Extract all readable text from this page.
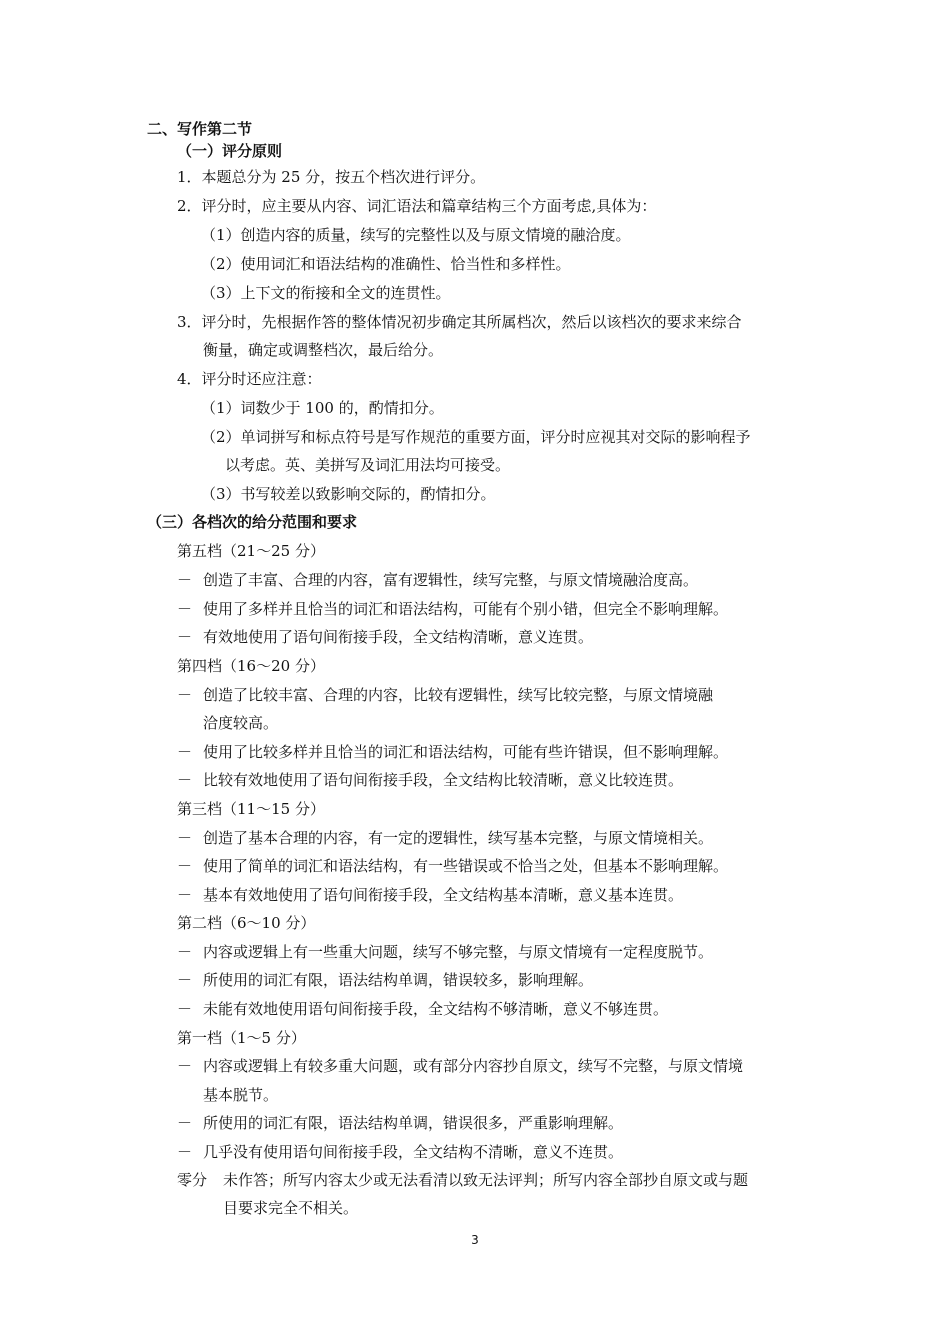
二、写作第二节
（一）评分原则
1．本题总分为 25 分，按五个档次进行评分。
2．评分时，应主要从内容、词汇语法和篇章结构三个方面考虑,具体为：
（1）创造内容的质量，续写的完整性以及与原文情境的融洽度。
（2）使用词汇和语法结构的准确性、恰当性和多样性。
（3）上下文的衔接和全文的连贯性。
3．评分时，先根据作答的整体情况初步确定其所属档次，然后以该档次的要求来综合
衡量，确定或调整档次，最后给分。
4．评分时还应注意：
（1）词数少于 100 的，酌情扣分。
（2）单词拼写和标点符号是写作规范的重要方面，评分时应视其对交际的影响程予
以考虑。英、美拼写及词汇用法均可接受。
（3）书写较差以致影响交际的，酌情扣分。
（三）各档次的给分范围和要求
第五档（21～25 分）
－ 创造了丰富、合理的内容，富有逻辑性，续写完整，与原文情境融洽度高。
－ 使用了多样并且恰当的词汇和语法结构，可能有个别小错，但完全不影响理解。
－ 有效地使用了语句间衔接手段，全文结构清晰，意义连贯。
第四档（16～20 分）
－ 创造了比较丰富、合理的内容，比较有逻辑性，续写比较完整，与原文情境融
洽度较高。
－ 使用了比较多样并且恰当的词汇和语法结构，可能有些许错误，但不影响理解。
－ 比较有效地使用了语句间衔接手段，全文结构比较清晰，意义比较连贯。
第三档（11～15 分）
－ 创造了基本合理的内容，有一定的逻辑性，续写基本完整，与原文情境相关。
－ 使用了简单的词汇和语法结构，有一些错误或不恰当之处，但基本不影响理解。
－ 基本有效地使用了语句间衔接手段，全文结构基本清晰，意义基本连贯。
第二档（6～10 分）
－ 内容或逻辑上有一些重大问题，续写不够完整，与原文情境有一定程度脱节。
－ 所使用的词汇有限，语法结构单调，错误较多，影响理解。
－ 未能有效地使用语句间衔接手段，全文结构不够清晰，意义不够连贯。
第一档（1～5 分）
－ 内容或逻辑上有较多重大问题，或有部分内容抄自原文，续写不完整，与原文情境
基本脱节。
－ 所使用的词汇有限，语法结构单调，错误很多，严重影响理解。
－ 几乎没有使用语句间衔接手段，全文结构不清晰，意义不连贯。
零分 未作答；所写内容太少或无法看清以致无法评判；所写内容全部抄自原文或与题
目要求完全不相关。
3
